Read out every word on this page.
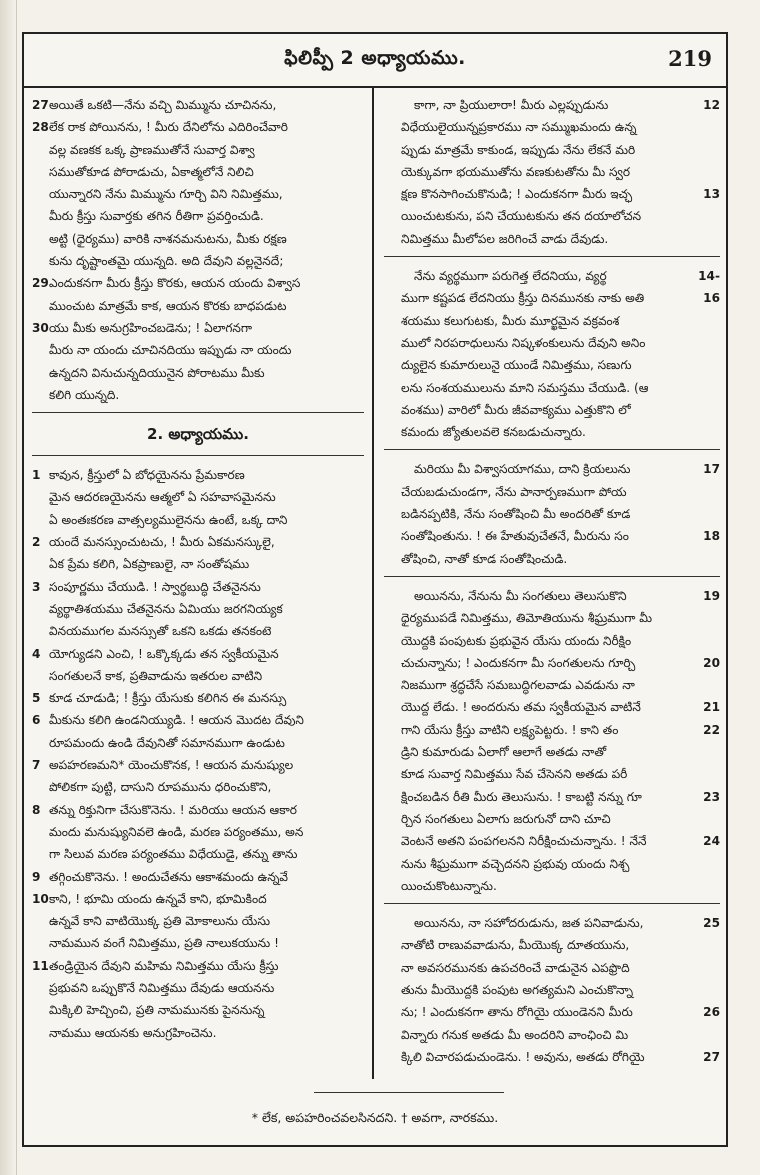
ఫిలిప్పీ 2 అధ్యాయము.	219
27 అయితే ఒకటి—నేను వచ్చి మిమ్మును చూచినను,
28 లేక రాక పోయినను, ! మీరు దేనిలోను ఎదిరించేవారి
వల్ల వణకక ఒక్క ప్రాణముతోనే సువార్త విశ్వా
సముతోకూడ పోరాడుచు, ఏకాత్మలోనే నిలిచి
యున్నారని నేను మిమ్మును గూర్చి విని నిమిత్తము,
మీరు క్రీస్తు సువార్తకు తగిన రీతిగా ప్రవర్తించుడి.
అట్టి (ధైర్యము) వారికి నాశనమనుటను, మీకు రక్షణ
కును దృష్టాంతమై యున్నది. అది దేవుని వల్లనైనదే;
29 ఎందుకనగా మీరు క్రీస్తు కొరకు, ఆయన యందు విశ్వాస
ముంచుట మాత్రమే కాక, ఆయన కొరకు బాధపడుట
30 యు మీకు అనుగ్రహించబడెను; ! ఏలాగనగా
మీరు నా యందు చూచినదియు ఇప్పుడు నా యందు
ఉన్నదని వినుచున్నదియునైన పోరాటము మీకు
కలిగి యున్నది.
2. అధ్యాయము.
1 కావున, క్రీస్తులో ఏ బోధయైనను ప్రేమకారణ
మైన ఆదరణయైనను ఆత్మలో ఏ సహవాసమైనను
ఏ అంతఃకరణ వాత్సల్యములైనను ఉంటే, ఒక్క దాని
2 యందే మనస్సుంచుటచు, ! మీరు ఏకమనస్కులై,
ఏక ప్రేమ కలిగి, ఏకప్రాణులై, నా సంతోషము
3 సంపూర్ణము చేయుడి. ! స్వార్థబుద్ధి చేతనైనను
వ్యర్థాతిశయము చేతనైనను ఏమియు జరగనియ్యక
వినయముగల మనస్సుతో ఒకని ఒకడు తనకంటె
4 యోగ్యుడని ఎంచి, ! ఒక్కొక్కడు తన స్వకీయమైన
సంగతులనే కాక, ప్రతివాడును ఇతరుల వాటిని
5 కూడ చూడుడి; ! క్రీస్తు యేసుకు కలిగిన ఈ మనస్సు
6 మీకును కలిగి ఉండనియ్యుడి. ! ఆయన మొదట దేవుని
రూపమందు ఉండి దేవునితో సమానముగా ఉండుట
7 అపహరణమని* యెంచుకొనక, ! ఆయన మనుష్యుల
పోలికగా పుట్టి, దాసుని రూపమును ధరించుకొని,
8 తన్ను రిక్తునిగా చేసుకొనెను. ! మరియు ఆయన ఆకార
మందు మనుష్యునివలె ఉండి, మరణ పర్యంతము, అన
గా సిలువ మరణ పర్యంతము విధేయుడై, తన్ను తాను
9 తగ్గించుకొనెను. ! అందుచేతను ఆకాశమందు ఉన్నవే
10 కాని, ! భూమి యందు ఉన్నవే కాని, భూమికింద
ఉన్నవే కాని వాటియొక్క ప్రతి మోకాలును యేసు
నామమున వంగే నిమిత్తము, ప్రతి నాలుకయును !
11 తండ్రియైన దేవుని మహిమ నిమిత్తము యేసు క్రీస్తు
ప్రభువని ఒప్పుకొనే నిమిత్తము దేవుడు ఆయనను
మిక్కిలి హెచ్చించి, ప్రతి నామమునకు పైననున్న
నామము ఆయనకు అనుగ్రహించెను.
12
కాగా, నా ప్రియులారా! మీరు ఎల్లప్పుడును
విధేయులైయున్నప్రకారము నా సమ్ముఖమందు ఉన్న
ప్పుడు మాత్రమే కాకుండ, ఇప్పుడు నేను లేకనే మరి
యెక్కువగా భయముతోను వణకుటతోను మీ స్వర
13
క్షణ కొనసాగించుకొనుడి; ! ఎందుకనగా మీరు ఇచ్ఛ
యించుటకును, పని చేయుటకును తన దయాలోచన
నిమిత్తము మీలోపల జరిగించే వాడు దేవుడు.
14-
నేను వ్యర్థముగా పరుగెత్త లేదనియు, వ్యర్థ
16
ముగా కష్టపడ లేదనియు క్రీస్తు దినమునకు నాకు అతి
శయము కలుగుటకు, మీరు మూర్ఖమైన వక్రవంశ
ములో నిరపరాధులును నిష్కళంకులును దేవుని అనిం
ద్యులైన కుమారులునై యుండే నిమిత్తము, సణుగు
లను సంశయములును మాని సమస్తము చేయుడి. (ఆ
వంశము) వారిలో మీరు జీవవాక్యము ఎత్తుకొని లో
కమందు జ్యోతులవలె కనబడుచున్నారు.
17
మరియు మీ విశ్వాసయాగము, దాని క్రియలును
చేయబడుచుండగా, నేను పానార్పణముగా పోయ
బడినప్పటికి, నేను సంతోషించి మీ అందరితో కూడ
18
సంతోషింతును. ! ఈ హేతువుచేతనే, మీరును సం
తోషించి, నాతో కూడ సంతోషించుడి.
19
అయినను, నేనును మీ సంగతులు తెలుసుకొని
ధైర్యముపడే నిమిత్తము, తిమోతియును శీఘ్రముగా మీ
యొద్దకి పంపుటకు ప్రభువైన యేసు యందు నిరీక్షిం
20
చుచున్నాను; ! ఎందుకనగా మీ సంగతులను గూర్చి
నిజముగా శ్రద్ధచేసే సమబుద్ధిగలవాడు ఎవడును నా
21
యొద్ద లేడు. ! అందరును తమ స్వకీయమైన వాటినే
22
గాని యేసు క్రీస్తు వాటిని లక్ష్యపెట్టరు. ! కాని తం
డ్రిని కుమారుడు ఏలాగో ఆలాగే అతడు నాతో
కూడ సువార్త నిమిత్తము సేవ చేసెనని అతడు పరీ
23
క్షించబడిన రీతి మీరు తెలుసును. ! కాబట్టి నన్ను గూ
ర్చిన సంగతులు ఏలాగు జరుగునో దాని చూచి
24
వెంటనే అతని పంపగలనని నిరీక్షించుచున్నాను. ! నేనే
నును శీఘ్రముగా వచ్చెదనని ప్రభువు యందు నిశ్చ
యించుకొంటున్నాను.
25
అయినను, నా సహోదరుడును, జత పనివాడును,
నాతోటి రాణువవాడును, మీయొక్క దూతయును,
నా అవసరమునకు ఉపచరించే వాడునైన ఎపఫ్రొది
తును మీయొద్దకి పంపుట అగత్యమని ఎంచుకొన్నా
26
ను; ! ఎందుకనగా తాను రోగియై యుండెనని మీరు
విన్నారు గనుక అతడు మీ అందరిని వాంఛించి మి
27
క్కిలి విచారపడుచుండెను. ! అవును, అతడు రోగియై
* లేక, అపహరించవలసినదని. † అవగా, నారకము.
